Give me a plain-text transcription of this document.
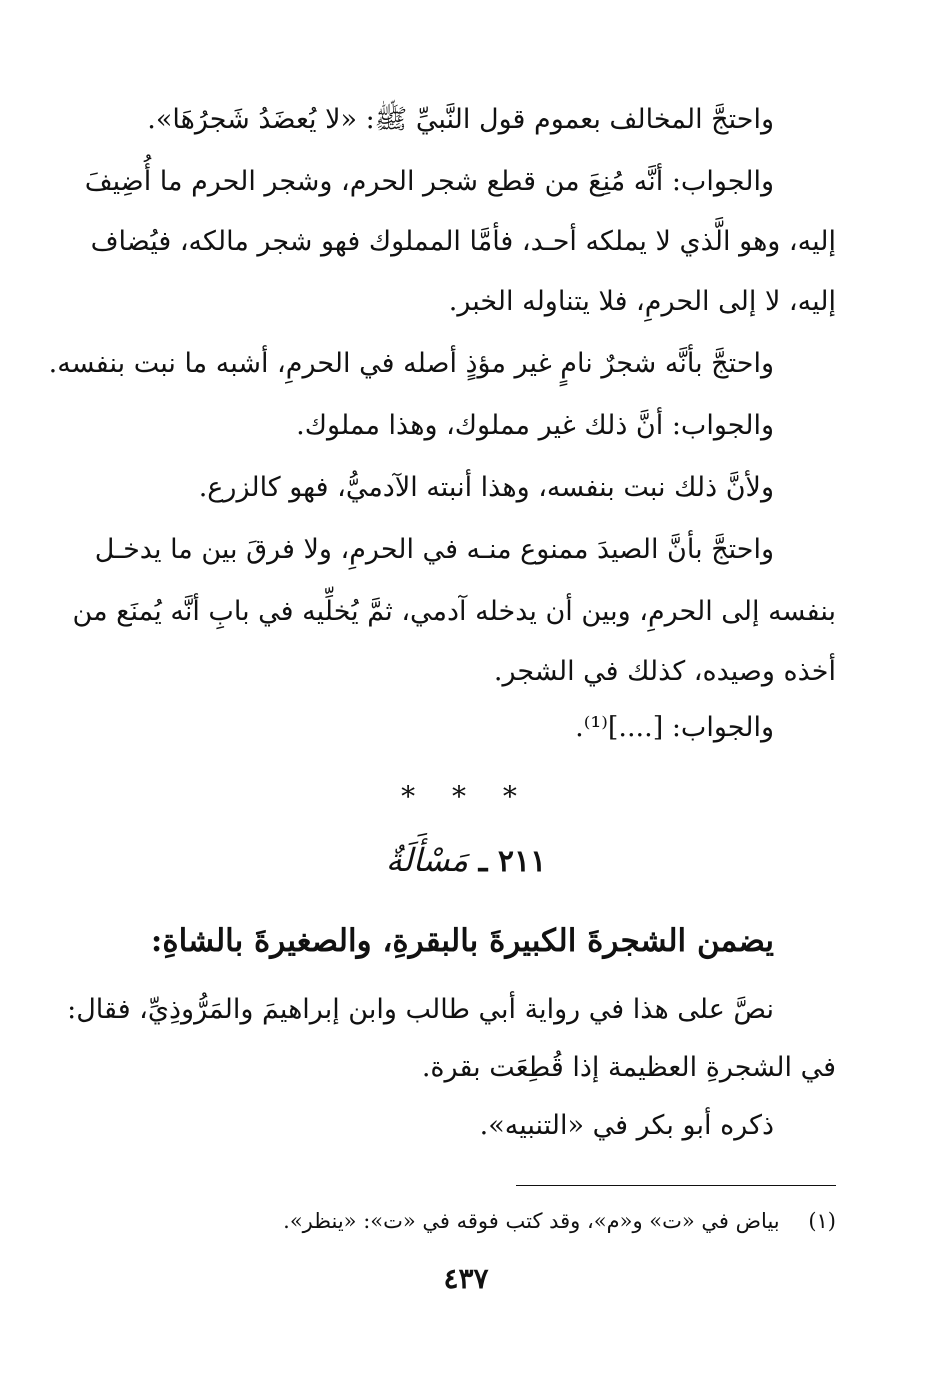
واحتجَّ المخالف بعموم قول النَّبيِّ ﷺ: «لا يُعضَدُ شَجرُهَا».
والجواب: أنَّه مُنِعَ من قطع شجر الحرم، وشجر الحرم ما أُضِيفَ
إليه، وهو الَّذي لا يملكه أحـد، فأمَّا المملوك فهو شجر مالكه، فيُضاف
إليه، لا إلى الحرمِ، فلا يتناوله الخبر.
واحتجَّ بأنَّه شجرٌ نامٍ غير مؤذٍ أصله في الحرمِ، أشبه ما نبت بنفسه.
والجواب: أنَّ ذلك غير مملوك، وهذا مملوك.
ولأنَّ ذلك نبت بنفسه، وهذا أنبته الآدميُّ، فهو كالزرع.
واحتجَّ بأنَّ الصيدَ ممنوع منـه في الحرمِ، ولا فرقَ بين ما يدخـل
بنفسه إلى الحرمِ، وبين أن يدخله آدمي، ثمَّ يُخلِّيه في بابِ أنَّه يُمنَع من
أخذه وصيده، كذلك في الشجر.
والجواب: [....]⁽¹⁾.
* * *
٢١١ ـ مَسْأَلَةٌ
يضمن الشجرةَ الكبيرةَ بالبقرةِ، والصغيرةَ بالشاةِ:
نصَّ على هذا في رواية أبي طالب وابن إبراهيمَ والمَرُّوذِيِّ، فقال:
في الشجرةِ العظيمة إذا قُطِعَت بقرة.
ذكره أبو بكر في «التنبيه».
(١) بياض في «ت» و«م»، وقد كتب فوقه في «ت»: «ينظر».
٤٣٧
